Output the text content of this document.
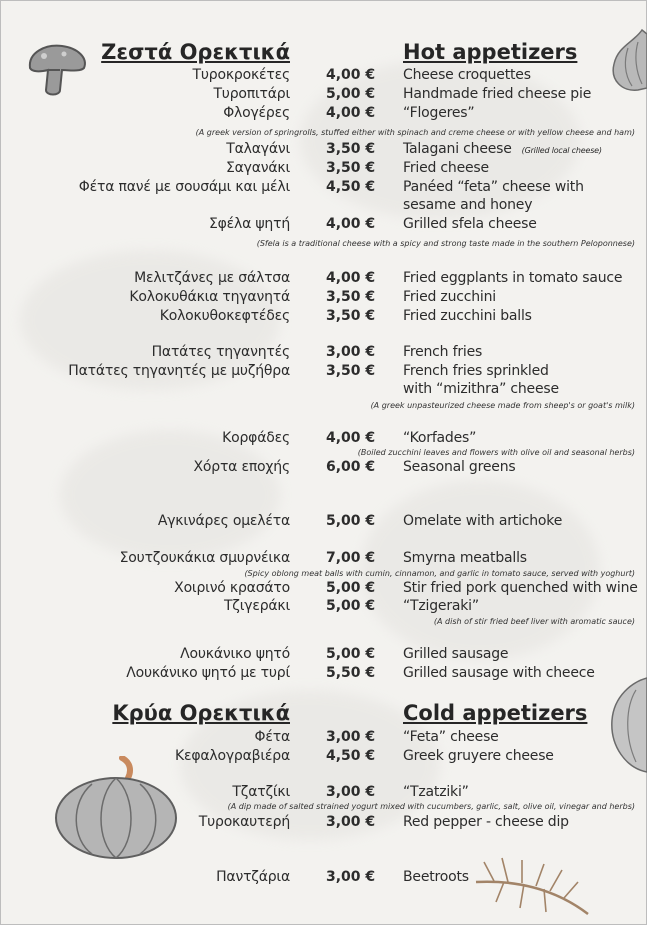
Ζεστά Ορεκτικά	Hot appetizers
Τυροκροκέτες	4,00 € Cheese croquettes
Τυροπιτάρι	5,00 € Handmade fried cheese pie
Φλογέρες	4,00 € “Flogeres”
(A greek version of springrolls, stuffed either with spinach and creme cheese or with yellow cheese and ham)
Ταλαγάνι	3,50 € Talagani cheese (Grilled local cheese)
Σαγανάκι	3,50 € Fried cheese
Φέτα πανέ με σουσάμι και μέλι	4,50 € Panéed “feta” cheese with
sesame and honey
Σφέλα ψητή	4,00 € Grilled sfela cheese
(Sfela is a traditional cheese with a spicy and strong taste made in the southern Peloponnese)
Μελιτζάνες με σάλτσα	4,00 € Fried eggplants in tomato sauce
Κολοκυθάκια τηγανητά	3,50 € Fried zucchini
Κολοκυθοκεφτέδες	3,50 € Fried zucchini balls
Πατάτες τηγανητές	3,00 € French fries
Πατάτες τηγανητές με μυζήθρα	3,50 € French fries sprinkled
with “mizithra” cheese
(A greek unpasteurized cheese made from sheep's or goat's milk)
Κορφάδες	4,00 € “Korfades”
(Boiled zucchini leaves and flowers with olive oil and seasonal herbs)
Χόρτα εποχής	6,00 € Seasonal greens
Αγκινάρες ομελέτα	5,00 € Omelate with artichoke
Σουτζουκάκια σμυρνέικα	7,00 € Smyrna meatballs
(Spicy oblong meat balls with cumin, cinnamon, and garlic in tomato sauce, served with yoghurt)
Χοιρινό κρασάτο	5,00 € Stir fried pork quenched with wine
Τζιγεράκι	5,00 € “Tzigeraki”
(A dish of stir fried beef liver with aromatic sauce)
Λουκάνικο ψητό	5,00 € Grilled sausage
Λουκάνικο ψητό με τυρί	5,50 € Grilled sausage with cheece
Κρύα Ορεκτικά	Cold appetizers
Φέτα	3,00 € “Feta” cheese
Κεφαλογραβιέρα	4,50 € Greek gruyere cheese
Τζατζίκι	3,00 € “Tzatziki”
(A dip made of salted strained yogurt mixed with cucumbers, garlic, salt, olive oil, vinegar and herbs)
Τυροκαυτερή	3,00 € Red pepper - cheese dip
Παντζάρια	3,00 € Beetroots
